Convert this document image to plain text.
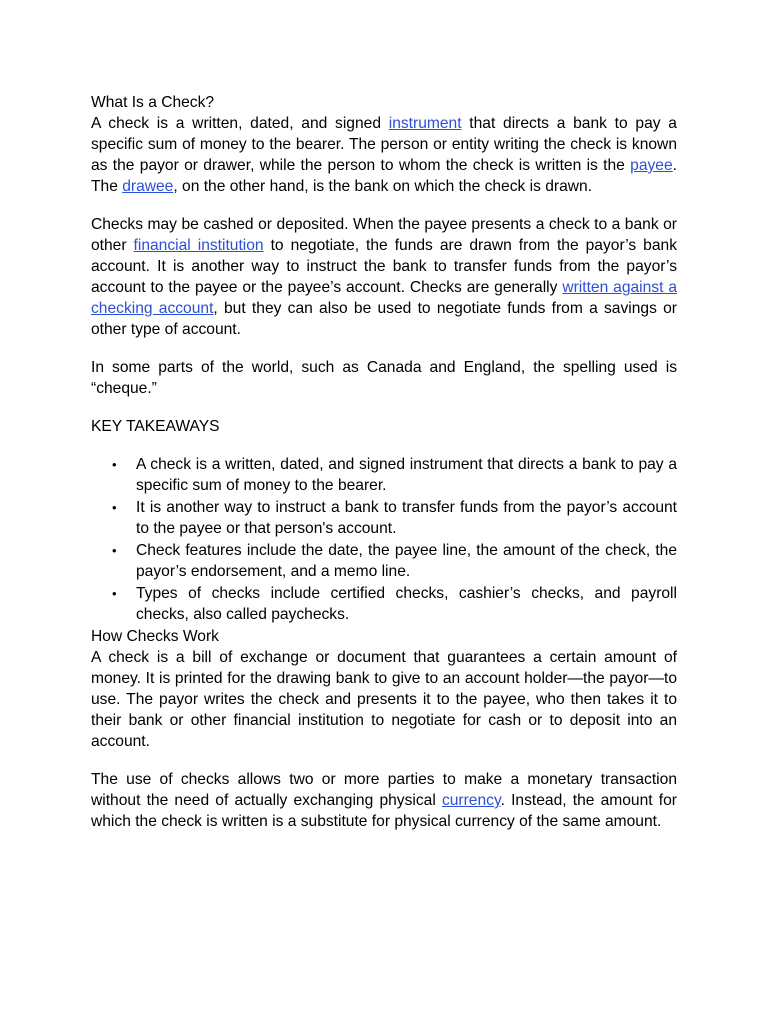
What Is a Check?

A check is a written, dated, and signed instrument that directs a bank to pay a specific sum of money to the bearer. The person or entity writing the check is known as the payor or drawer, while the person to whom the check is written is the payee. The drawee, on the other hand, is the bank on which the check is drawn.

Checks may be cashed or deposited. When the payee presents a check to a bank or other financial institution to negotiate, the funds are drawn from the payor’s bank account. It is another way to instruct the bank to transfer funds from the payor’s account to the payee or the payee’s account. Checks are generally written against a checking account, but they can also be used to negotiate funds from a savings or other type of account.

In some parts of the world, such as Canada and England, the spelling used is “cheque.”

KEY TAKEAWAYS

• A check is a written, dated, and signed instrument that directs a bank to pay a specific sum of money to the bearer.
• It is another way to instruct a bank to transfer funds from the payor’s account to the payee or that person's account.
• Check features include the date, the payee line, the amount of the check, the payor’s endorsement, and a memo line.
• Types of checks include certified checks, cashier’s checks, and payroll checks, also called paychecks.

How Checks Work

A check is a bill of exchange or document that guarantees a certain amount of money. It is printed for the drawing bank to give to an account holder—the payor—to use. The payor writes the check and presents it to the payee, who then takes it to their bank or other financial institution to negotiate for cash or to deposit into an account.

The use of checks allows two or more parties to make a monetary transaction without the need of actually exchanging physical currency. Instead, the amount for which the check is written is a substitute for physical currency of the same amount.
